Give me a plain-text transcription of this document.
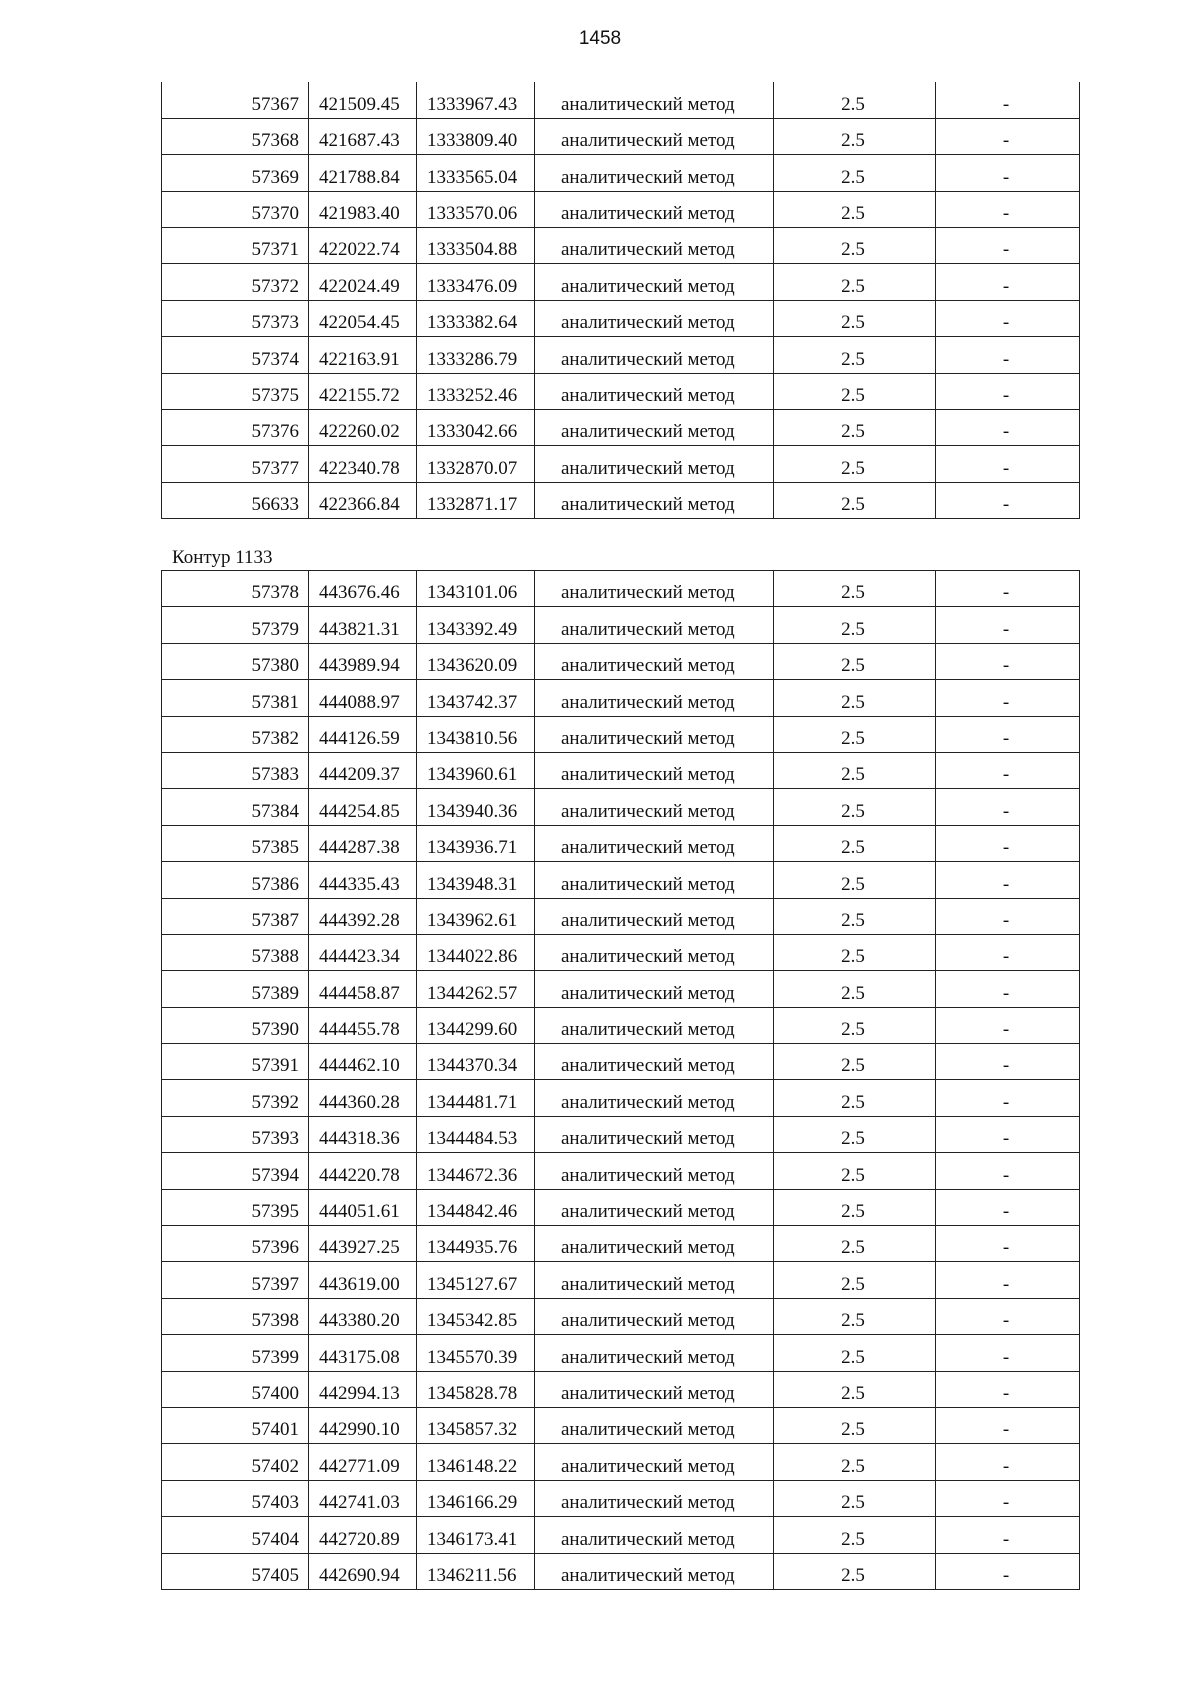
1458
57367	421509.45	1333967.43	аналитический метод	2.5	-
57368	421687.43	1333809.40	аналитический метод	2.5	-
57369	421788.84	1333565.04	аналитический метод	2.5	-
57370	421983.40	1333570.06	аналитический метод	2.5	-
57371	422022.74	1333504.88	аналитический метод	2.5	-
57372	422024.49	1333476.09	аналитический метод	2.5	-
57373	422054.45	1333382.64	аналитический метод	2.5	-
57374	422163.91	1333286.79	аналитический метод	2.5	-
57375	422155.72	1333252.46	аналитический метод	2.5	-
57376	422260.02	1333042.66	аналитический метод	2.5	-
57377	422340.78	1332870.07	аналитический метод	2.5	-
56633	422366.84	1332871.17	аналитический метод	2.5	-
Контур 1133
57378	443676.46	1343101.06	аналитический метод	2.5	-
57379	443821.31	1343392.49	аналитический метод	2.5	-
57380	443989.94	1343620.09	аналитический метод	2.5	-
57381	444088.97	1343742.37	аналитический метод	2.5	-
57382	444126.59	1343810.56	аналитический метод	2.5	-
57383	444209.37	1343960.61	аналитический метод	2.5	-
57384	444254.85	1343940.36	аналитический метод	2.5	-
57385	444287.38	1343936.71	аналитический метод	2.5	-
57386	444335.43	1343948.31	аналитический метод	2.5	-
57387	444392.28	1343962.61	аналитический метод	2.5	-
57388	444423.34	1344022.86	аналитический метод	2.5	-
57389	444458.87	1344262.57	аналитический метод	2.5	-
57390	444455.78	1344299.60	аналитический метод	2.5	-
57391	444462.10	1344370.34	аналитический метод	2.5	-
57392	444360.28	1344481.71	аналитический метод	2.5	-
57393	444318.36	1344484.53	аналитический метод	2.5	-
57394	444220.78	1344672.36	аналитический метод	2.5	-
57395	444051.61	1344842.46	аналитический метод	2.5	-
57396	443927.25	1344935.76	аналитический метод	2.5	-
57397	443619.00	1345127.67	аналитический метод	2.5	-
57398	443380.20	1345342.85	аналитический метод	2.5	-
57399	443175.08	1345570.39	аналитический метод	2.5	-
57400	442994.13	1345828.78	аналитический метод	2.5	-
57401	442990.10	1345857.32	аналитический метод	2.5	-
57402	442771.09	1346148.22	аналитический метод	2.5	-
57403	442741.03	1346166.29	аналитический метод	2.5	-
57404	442720.89	1346173.41	аналитический метод	2.5	-
57405	442690.94	1346211.56	аналитический метод	2.5	-
